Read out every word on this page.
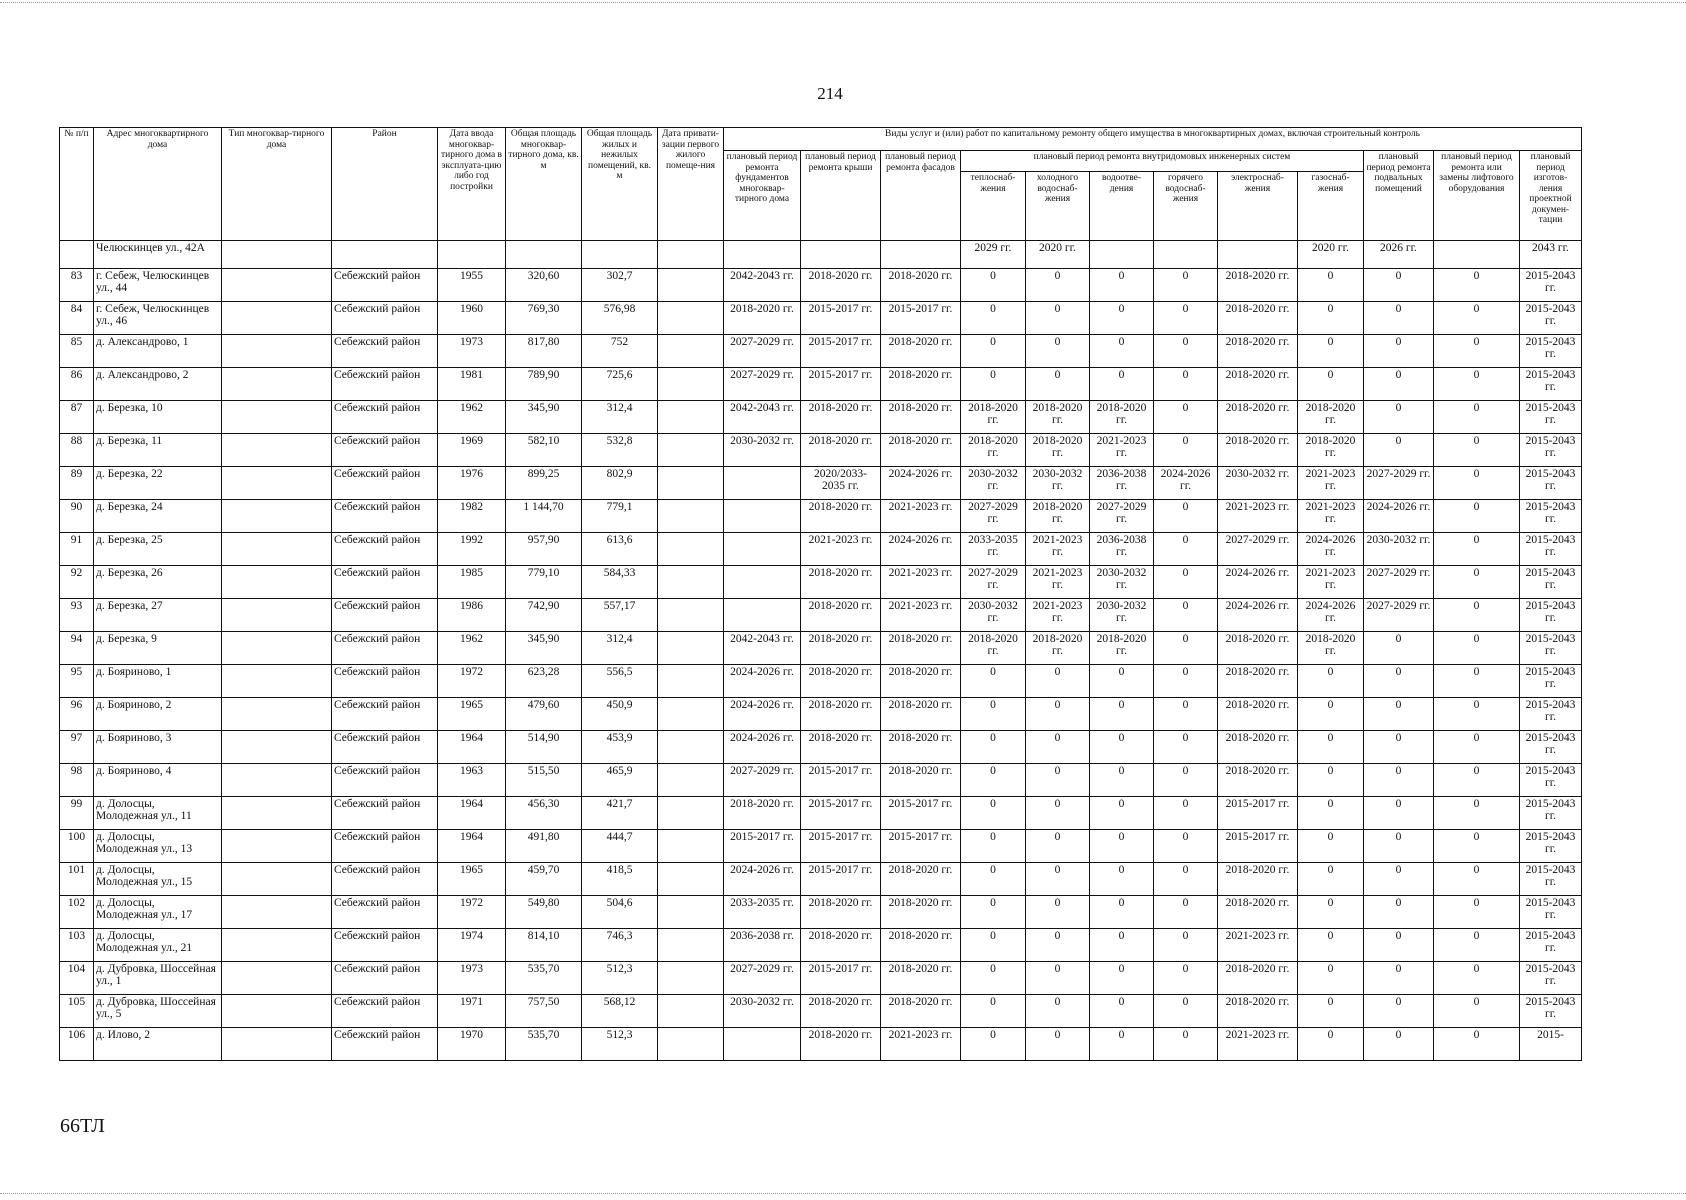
214
№ п/п	Адрес многоквартирного дома	Тип многоквар-тирного дома	Район	Дата ввода многоквар-тирного дома в эксплуата-цию либо год постройки	Общая площадь многоквар-тирного дома, кв. м	Общая площадь жилых и нежилых помещений, кв. м	Дата привати-зации первого жилого помеще-ния	Виды услуг и (или) работ по капитальному ремонту общего имущества в многоквартирных домах, включая строительный контроль											
								плановый период ремонта фундаментов многоквар-тирного дома	плановый период ремонта крыши	плановый период ремонта фасадов	плановый период ремонта внутридомовых инженерных систем						плановый период ремонта подвальных помещений	плановый период ремонта или замены лифтового оборудования	плановый период изготов-ления проектной докумен-тации
											теплоснаб-жения	холодного водоснаб-жения	водоотве-дения	горячего водоснаб-жения	электроснаб-жения	газоснаб-жения			
	Челюскинцев ул., 42А										2029 гг.	2020 гг.				2020 гг.	2026 гг.		2043 гг.
83	г. Себеж, Челюскинцев ул., 44		Себежский район	1955	320,60	302,7		2042-2043 гг.	2018-2020 гг.	2018-2020 гг.	0	0	0	0	2018-2020 гг.	0	0	0	2015-2043 гг.
84	г. Себеж, Челюскинцев ул., 46		Себежский район	1960	769,30	576,98		2018-2020 гг.	2015-2017 гг.	2015-2017 гг.	0	0	0	0	2018-2020 гг.	0	0	0	2015-2043 гг.
85	д. Александрово, 1		Себежский район	1973	817,80	752		2027-2029 гг.	2015-2017 гг.	2018-2020 гг.	0	0	0	0	2018-2020 гг.	0	0	0	2015-2043 гг.
86	д. Александрово, 2		Себежский район	1981	789,90	725,6		2027-2029 гг.	2015-2017 гг.	2018-2020 гг.	0	0	0	0	2018-2020 гг.	0	0	0	2015-2043 гг.
87	д. Березка, 10		Себежский район	1962	345,90	312,4		2042-2043 гг.	2018-2020 гг.	2018-2020 гг.	2018-2020 гг.	2018-2020 гг.	2018-2020 гг.	0	2018-2020 гг.	2018-2020 гг.	0	0	2015-2043 гг.
88	д. Березка, 11		Себежский район	1969	582,10	532,8		2030-2032 гг.	2018-2020 гг.	2018-2020 гг.	2018-2020 гг.	2018-2020 гг.	2021-2023 гг.	0	2018-2020 гг.	2018-2020 гг.	0	0	2015-2043 гг.
89	д. Березка, 22		Себежский район	1976	899,25	802,9			2020/2033-2035 гг.	2024-2026 гг.	2030-2032 гг.	2030-2032 гг.	2036-2038 гг.	2024-2026 гг.	2030-2032 гг.	2021-2023 гг.	2027-2029 гг.	0	2015-2043 гг.
90	д. Березка, 24		Себежский район	1982	1 144,70	779,1			2018-2020 гг.	2021-2023 гг.	2027-2029 гг.	2018-2020 гг.	2027-2029 гг.	0	2021-2023 гг.	2021-2023 гг.	2024-2026 гг.	0	2015-2043 гг.
91	д. Березка, 25		Себежский район	1992	957,90	613,6			2021-2023 гг.	2024-2026 гг.	2033-2035 гг.	2021-2023 гг.	2036-2038 гг.	0	2027-2029 гг.	2024-2026 гг.	2030-2032 гг.	0	2015-2043 гг.
92	д. Березка, 26		Себежский район	1985	779,10	584,33			2018-2020 гг.	2021-2023 гг.	2027-2029 гг.	2021-2023 гг.	2030-2032 гг.	0	2024-2026 гг.	2021-2023 гг.	2027-2029 гг.	0	2015-2043 гг.
93	д. Березка, 27		Себежский район	1986	742,90	557,17			2018-2020 гг.	2021-2023 гг.	2030-2032 гг.	2021-2023 гг.	2030-2032 гг.	0	2024-2026 гг.	2024-2026 гг.	2027-2029 гг.	0	2015-2043 гг.
94	д. Березка, 9		Себежский район	1962	345,90	312,4		2042-2043 гг.	2018-2020 гг.	2018-2020 гг.	2018-2020 гг.	2018-2020 гг.	2018-2020 гг.	0	2018-2020 гг.	2018-2020 гг.	0	0	2015-2043 гг.
95	д. Бояриново, 1		Себежский район	1972	623,28	556,5		2024-2026 гг.	2018-2020 гг.	2018-2020 гг.	0	0	0	0	2018-2020 гг.	0	0	0	2015-2043 гг.
96	д. Бояриново, 2		Себежский район	1965	479,60	450,9		2024-2026 гг.	2018-2020 гг.	2018-2020 гг.	0	0	0	0	2018-2020 гг.	0	0	0	2015-2043 гг.
97	д. Бояриново, 3		Себежский район	1964	514,90	453,9		2024-2026 гг.	2018-2020 гг.	2018-2020 гг.	0	0	0	0	2018-2020 гг.	0	0	0	2015-2043 гг.
98	д. Бояриново, 4		Себежский район	1963	515,50	465,9		2027-2029 гг.	2015-2017 гг.	2018-2020 гг.	0	0	0	0	2018-2020 гг.	0	0	0	2015-2043 гг.
99	д. Долосцы, Молодежная ул., 11		Себежский район	1964	456,30	421,7		2018-2020 гг.	2015-2017 гг.	2015-2017 гг.	0	0	0	0	2015-2017 гг.	0	0	0	2015-2043 гг.
100	д. Долосцы, Молодежная ул., 13		Себежский район	1964	491,80	444,7		2015-2017 гг.	2015-2017 гг.	2015-2017 гг.	0	0	0	0	2015-2017 гг.	0	0	0	2015-2043 гг.
101	д. Долосцы, Молодежная ул., 15		Себежский район	1965	459,70	418,5		2024-2026 гг.	2015-2017 гг.	2018-2020 гг.	0	0	0	0	2018-2020 гг.	0	0	0	2015-2043 гг.
102	д. Долосцы, Молодежная ул., 17		Себежский район	1972	549,80	504,6		2033-2035 гг.	2018-2020 гг.	2018-2020 гг.	0	0	0	0	2018-2020 гг.	0	0	0	2015-2043 гг.
103	д. Долосцы, Молодежная ул., 21		Себежский район	1974	814,10	746,3		2036-2038 гг.	2018-2020 гг.	2018-2020 гг.	0	0	0	0	2021-2023 гг.	0	0	0	2015-2043 гг.
104	д. Дубровка, Шоссейная ул., 1		Себежский район	1973	535,70	512,3		2027-2029 гг.	2015-2017 гг.	2018-2020 гг.	0	0	0	0	2018-2020 гг.	0	0	0	2015-2043 гг.
105	д. Дубровка, Шоссейная ул., 5		Себежский район	1971	757,50	568,12		2030-2032 гг.	2018-2020 гг.	2018-2020 гг.	0	0	0	0	2018-2020 гг.	0	0	0	2015-2043 гг.
106	д. Илово, 2		Себежский район	1970	535,70	512,3			2018-2020 гг.	2021-2023 гг.	0	0	0	0	2021-2023 гг.	0	0	0	2015-
66ТЛ
